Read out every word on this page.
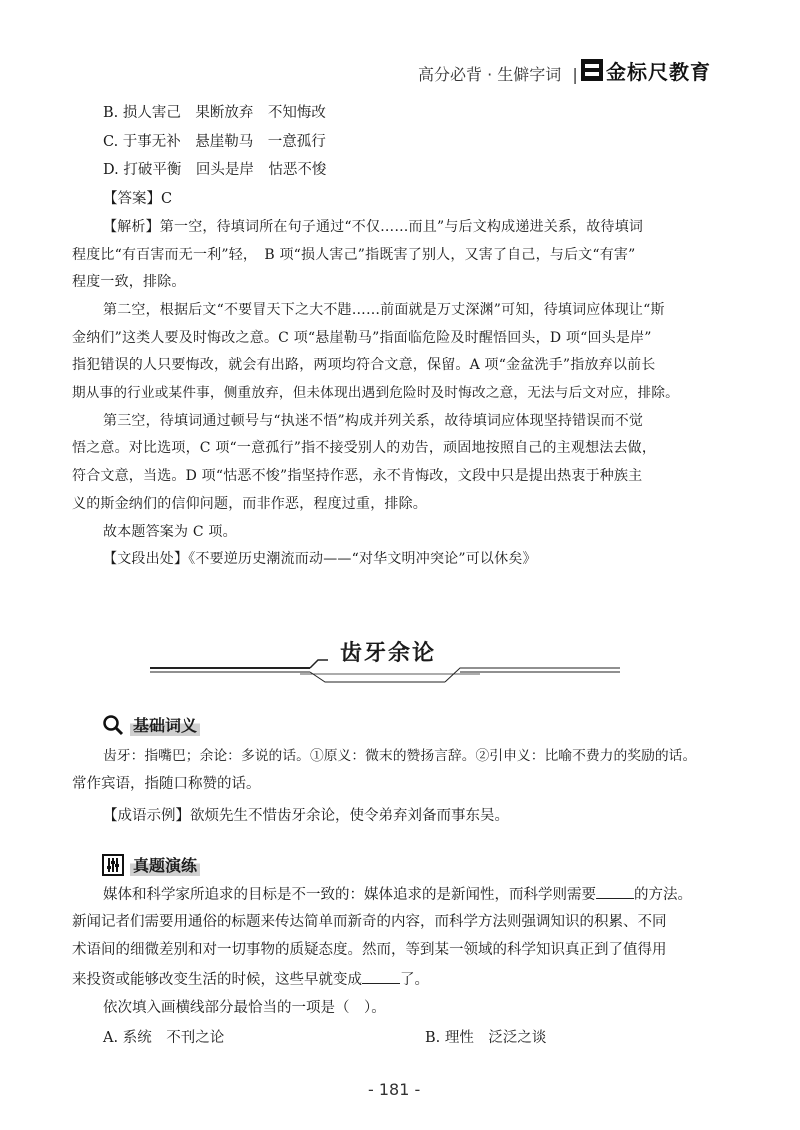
高分必背 · 生僻字词 | 金标尺教育
B. 损人害己　果断放弃　不知悔改
C. 于事无补　悬崖勒马　一意孤行
D. 打破平衡　回头是岸　怙恶不悛
【答案】C
【解析】第一空，待填词所在句子通过“不仅……而且”与后文构成递进关系，故待填词
程度比“有百害而无一利”轻，　B 项“损人害己”指既害了别人，又害了自己，与后文“有害”
程度一致，排除。
第二空，根据后文“不要冒天下之大不韪……前面就是万丈深渊”可知，待填词应体现让“斯
金纳们”这类人要及时悔改之意。C 项“悬崖勒马”指面临危险及时醒悟回头，D 项“回头是岸”
指犯错误的人只要悔改，就会有出路，两项均符合文意，保留。A 项“金盆洗手”指放弃以前长
期从事的行业或某件事，侧重放弃，但未体现出遇到危险时及时悔改之意，无法与后文对应，排除。
第三空，待填词通过顿号与“执迷不悟”构成并列关系，故待填词应体现坚持错误而不觉
悟之意。对比选项，C 项“一意孤行”指不接受别人的劝告，顽固地按照自己的主观想法去做，
符合文意，当选。D 项“怙恶不悛”指坚持作恶，永不肯悔改，文段中只是提出热衷于种族主
义的斯金纳们的信仰问题，而非作恶，程度过重，排除。
故本题答案为 C 项。
【文段出处】《不要逆历史潮流而动——“对华文明冲突论”可以休矣》
齿牙余论
基础词义
齿牙：指嘴巴；余论：多说的话。①原义：微末的赞扬言辞。②引申义：比喻不费力的奖励的话。
常作宾语，指随口称赞的话。
【成语示例】欲烦先生不惜齿牙余论，使令弟弃刘备而事东吴。
真题演练
媒体和科学家所追求的目标是不一致的：媒体追求的是新闻性，而科学则需要	的方法。
新闻记者们需要用通俗的标题来传达简单而新奇的内容，而科学方法则强调知识的积累、不同
术语间的细微差别和对一切事物的质疑态度。然而，等到某一领域的科学知识真正到了值得用
来投资或能够改变生活的时候，这些早就变成	了。
依次填入画横线部分最恰当的一项是（　）。
A. 系统　不刊之论	B. 理性　泛泛之谈
- 181 -
